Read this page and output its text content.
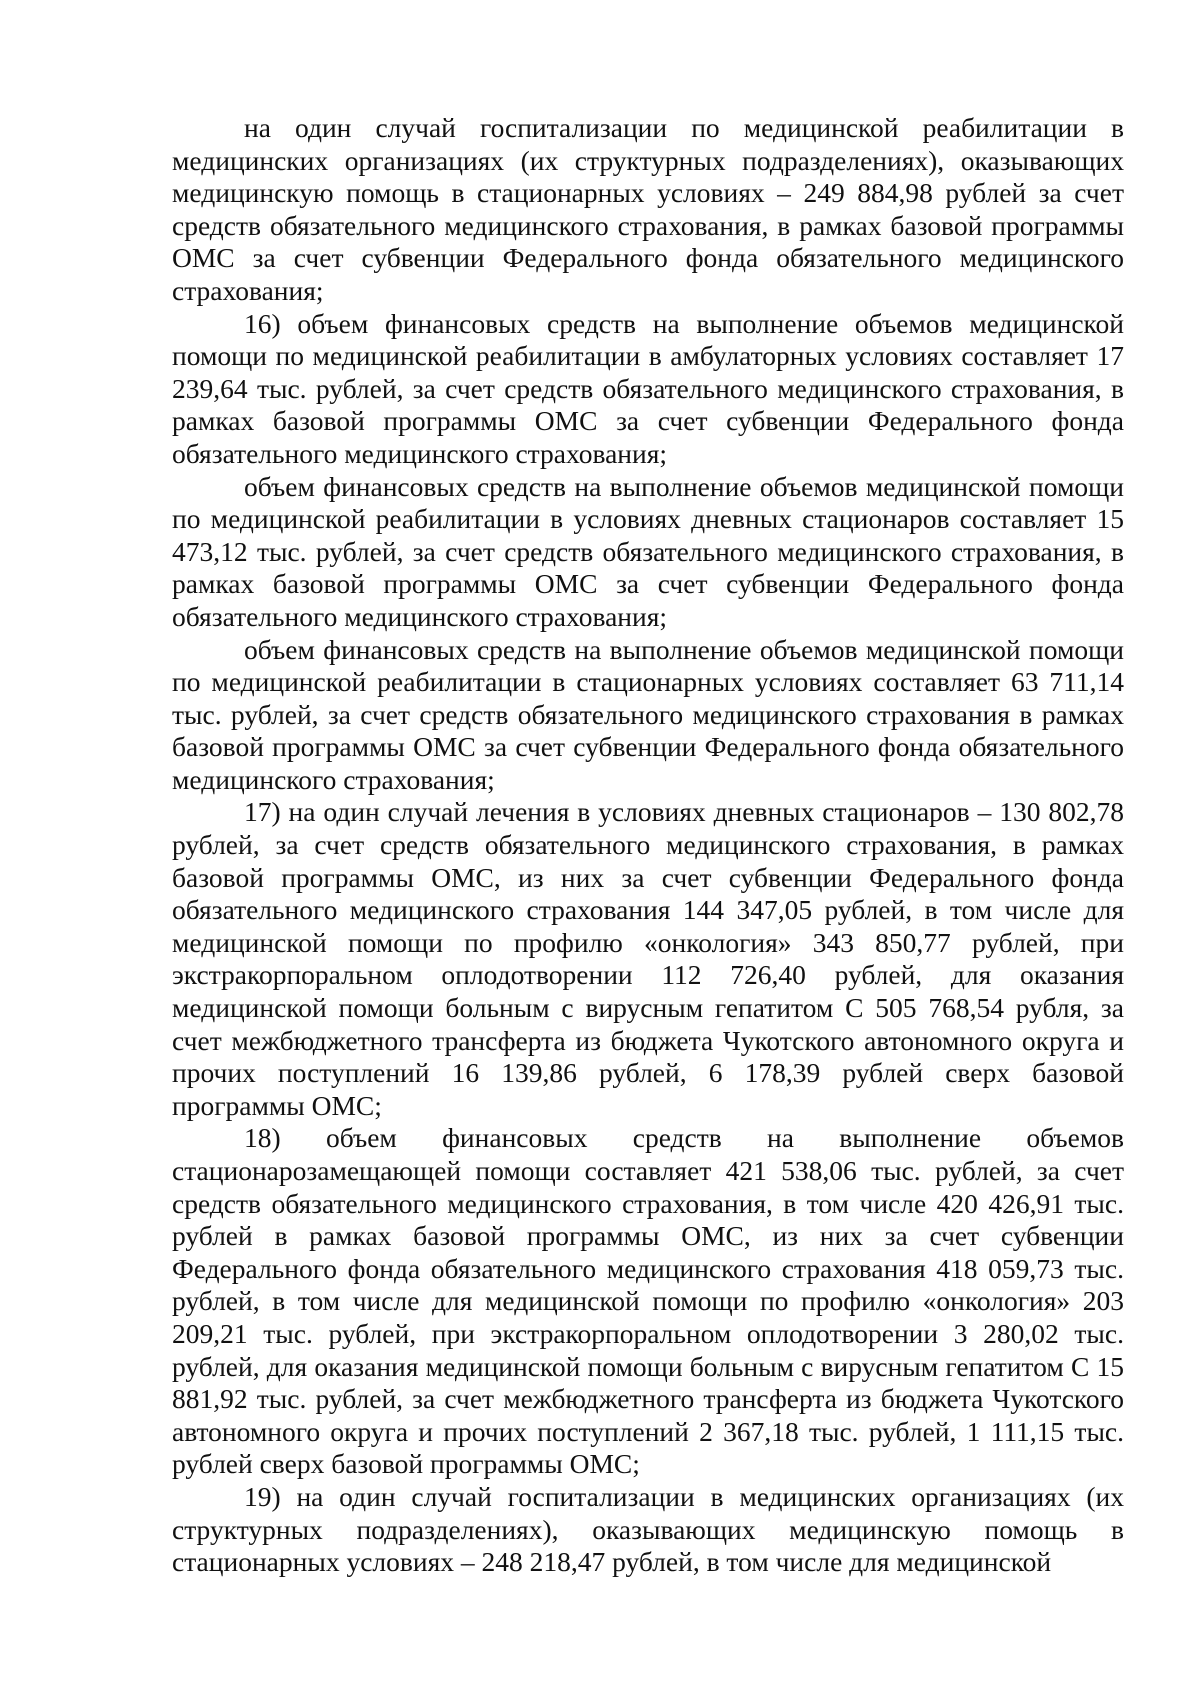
на один случай госпитализации по медицинской реабилитации в медицинских организациях (их структурных подразделениях), оказывающих медицинскую помощь в стационарных условиях – 249 884,98 рублей за счет средств обязательного медицинского страхования, в рамках базовой программы ОМС за счет субвенции Федерального фонда обязательного медицинского страхования;

16) объем финансовых средств на выполнение объемов медицинской помощи по медицинской реабилитации в амбулаторных условиях составляет 17 239,64 тыс. рублей, за счет средств обязательного медицинского страхования, в рамках базовой программы ОМС за счет субвенции Федерального фонда обязательного медицинского страхования;

объем финансовых средств на выполнение объемов медицинской помощи по медицинской реабилитации в условиях дневных стационаров составляет 15 473,12 тыс. рублей, за счет средств обязательного медицинского страхования, в рамках базовой программы ОМС за счет субвенции Федерального фонда обязательного медицинского страхования;

объем финансовых средств на выполнение объемов медицинской помощи по медицинской реабилитации в стационарных условиях составляет 63 711,14 тыс. рублей, за счет средств обязательного медицинского страхования в рамках базовой программы ОМС за счет субвенции Федерального фонда обязательного медицинского страхования;

17) на один случай лечения в условиях дневных стационаров – 130 802,78 рублей, за счет средств обязательного медицинского страхования, в рамках базовой программы ОМС, из них за счет субвенции Федерального фонда обязательного медицинского страхования 144 347,05 рублей, в том числе для медицинской помощи по профилю «онкология» 343 850,77 рублей, при экстракорпоральном оплодотворении 112 726,40 рублей, для оказания медицинской помощи больным с вирусным гепатитом С 505 768,54 рубля, за счет межбюджетного трансферта из бюджета Чукотского автономного округа и прочих поступлений 16 139,86 рублей, 6 178,39 рублей сверх базовой программы ОМС;

18) объем финансовых средств на выполнение объемов стационарозамещающей помощи составляет 421 538,06 тыс. рублей, за счет средств обязательного медицинского страхования, в том числе 420 426,91 тыс. рублей в рамках базовой программы ОМС, из них за счет субвенции Федерального фонда обязательного медицинского страхования 418 059,73 тыс. рублей, в том числе для медицинской помощи по профилю «онкология» 203 209,21 тыс. рублей, при экстракорпоральном оплодотворении 3 280,02 тыс. рублей, для оказания медицинской помощи больным с вирусным гепатитом С 15 881,92 тыс. рублей, за счет межбюджетного трансферта из бюджета Чукотского автономного округа и прочих поступлений 2 367,18 тыс. рублей, 1 111,15 тыс. рублей сверх базовой программы ОМС;

19) на один случай госпитализации в медицинских организациях (их структурных подразделениях), оказывающих медицинскую помощь в стационарных условиях – 248 218,47 рублей, в том числе для медицинской
